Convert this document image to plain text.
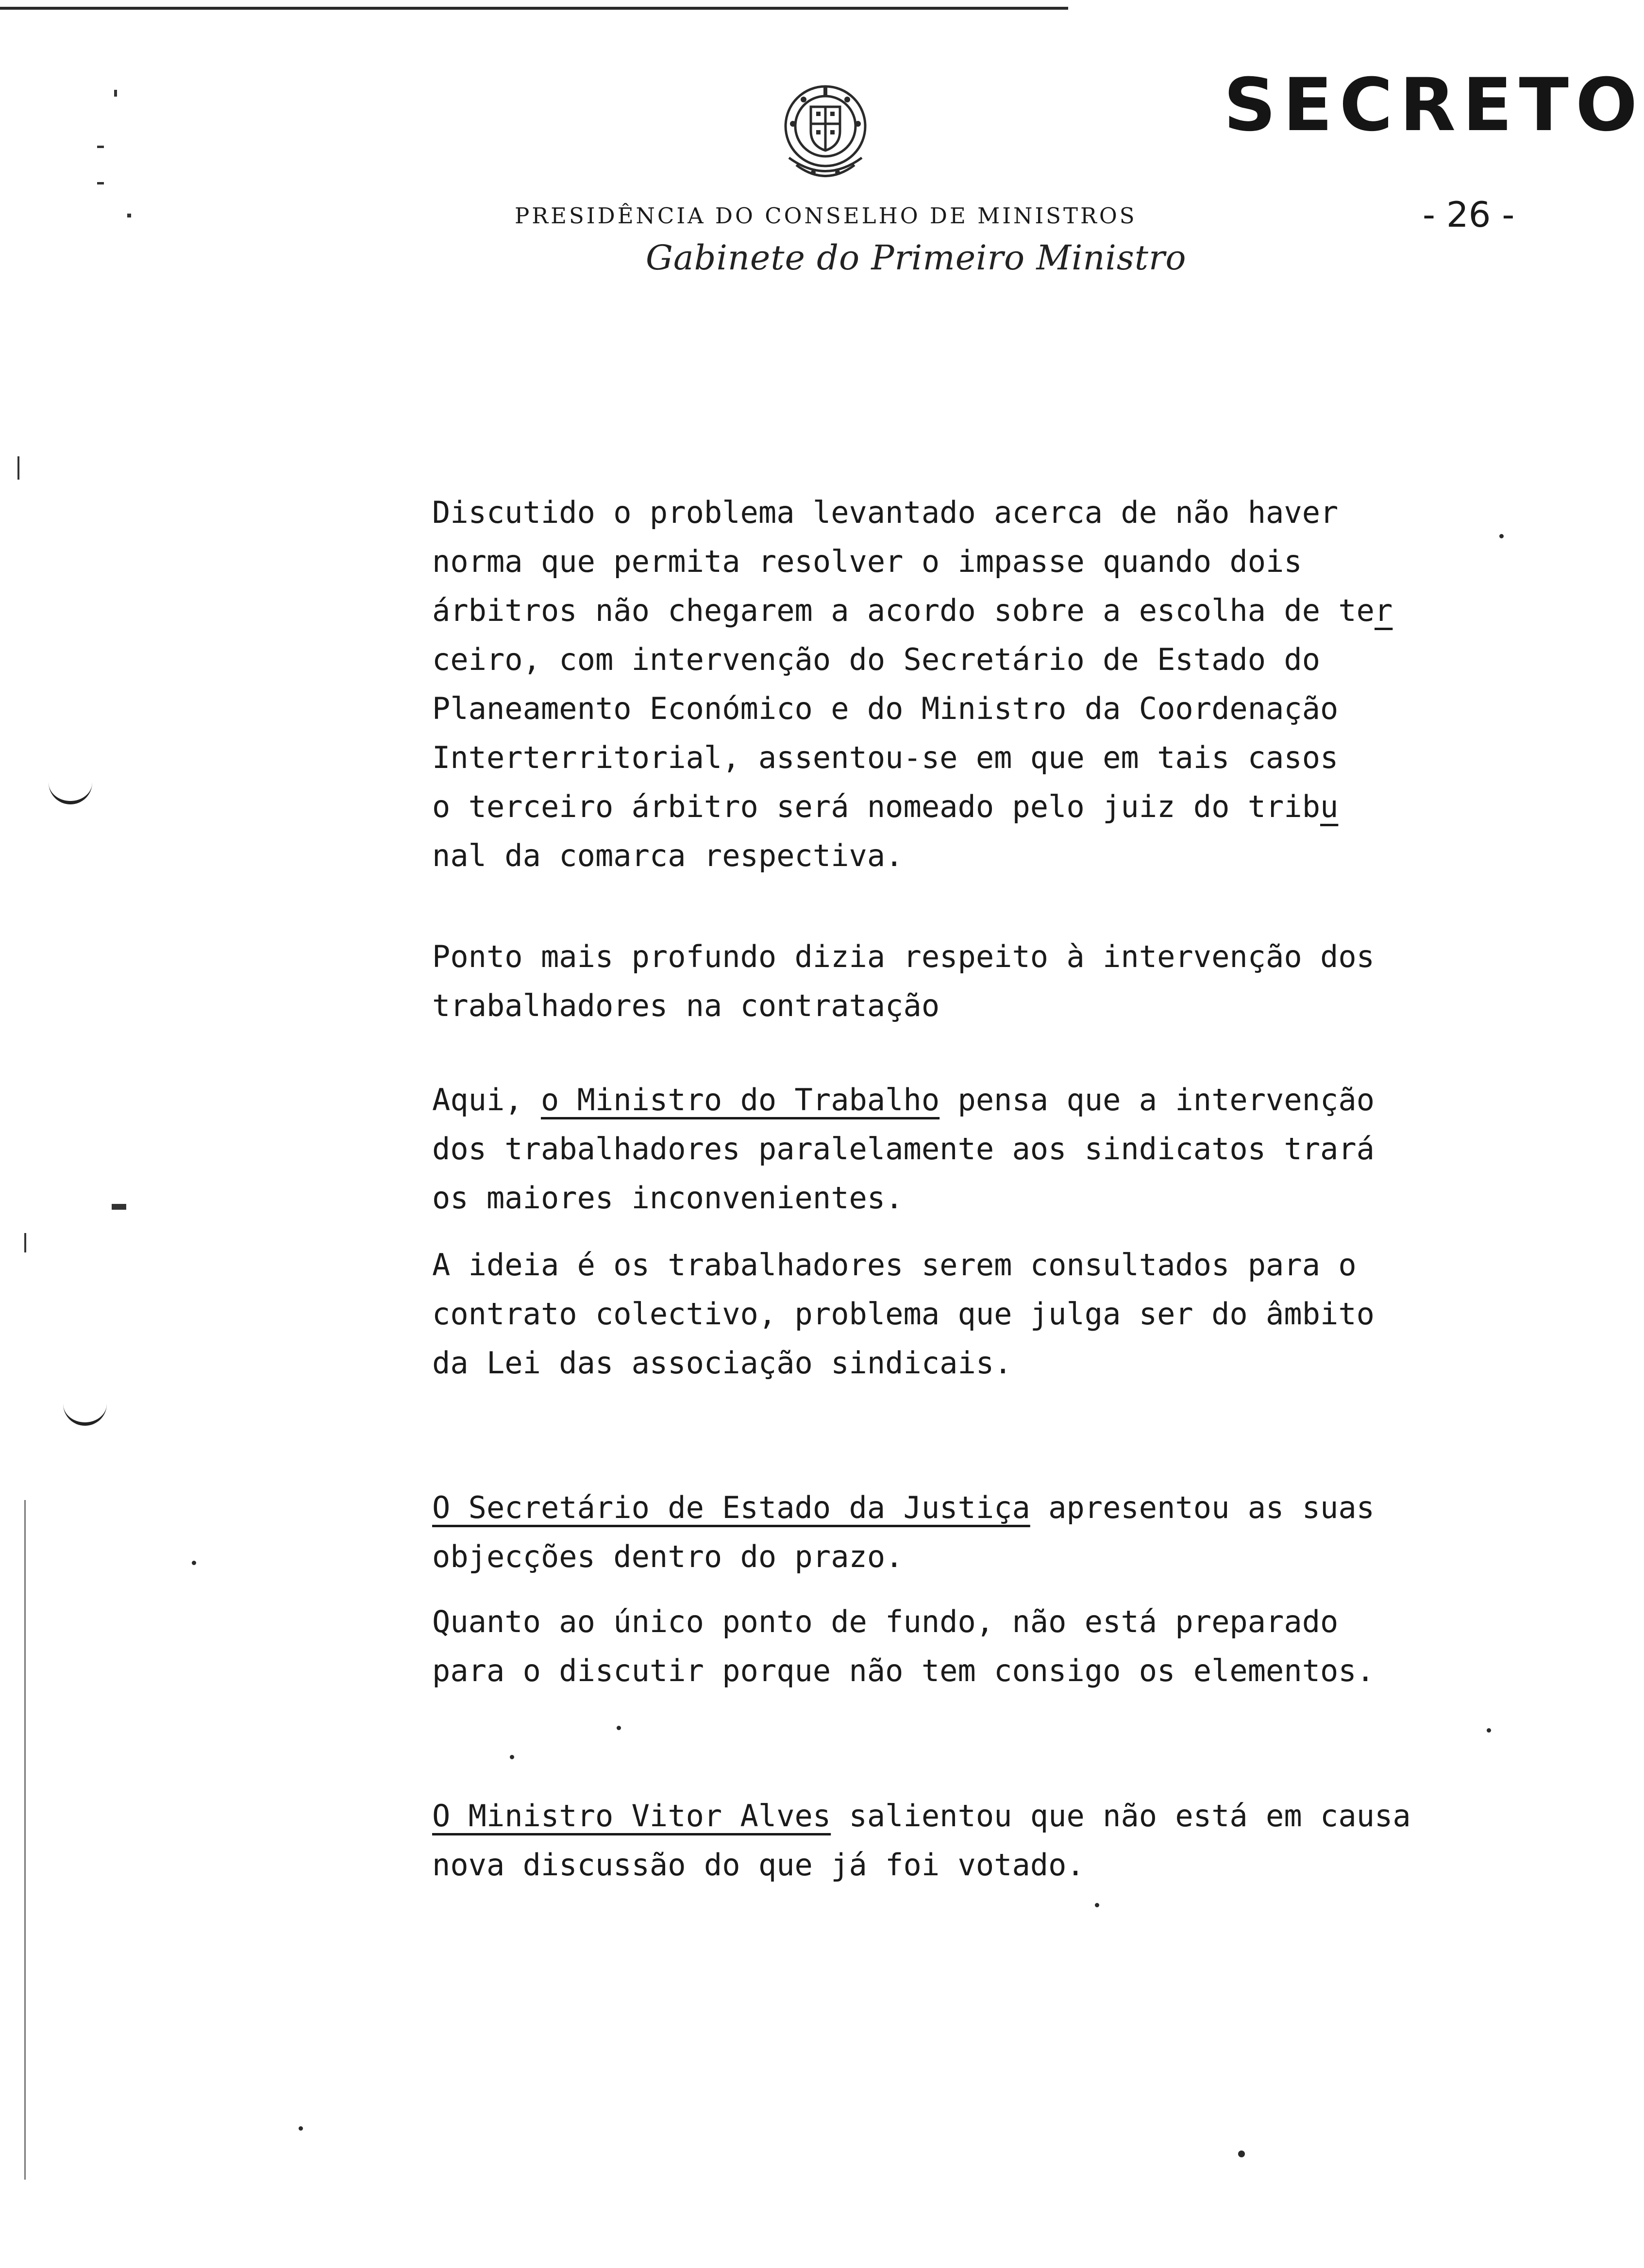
SECRETO
PRESIDÊNCIA DO CONSELHO DE MINISTROS	- 26 -
Gabinete do Primeiro Ministro
Discutido o problema levantado acerca de não haver
norma que permita resolver o impasse quando dois
árbitros não chegarem a acordo sobre a escolha de ter
ceiro, com intervenção do Secretário de Estado do
Planeamento Económico e do Ministro da Coordenação
Interterritorial, assentou-se em que em tais casos
o terceiro árbitro será nomeado pelo juiz do tribu
nal da comarca respectiva.
Ponto mais profundo dizia respeito à intervenção dos
trabalhadores na contratação
Aqui, o Ministro do Trabalho pensa que a intervenção
dos trabalhadores paralelamente aos sindicatos trará
os maiores inconvenientes.
A ideia é os trabalhadores serem consultados para o
contrato colectivo, problema que julga ser do âmbito
da Lei das associação sindicais.
O Secretário de Estado da Justiça apresentou as suas
objecções dentro do prazo.
Quanto ao único ponto de fundo, não está preparado
para o discutir porque não tem consigo os elementos.
O Ministro Vitor Alves salientou que não está em causa
nova discussão do que já foi votado.
